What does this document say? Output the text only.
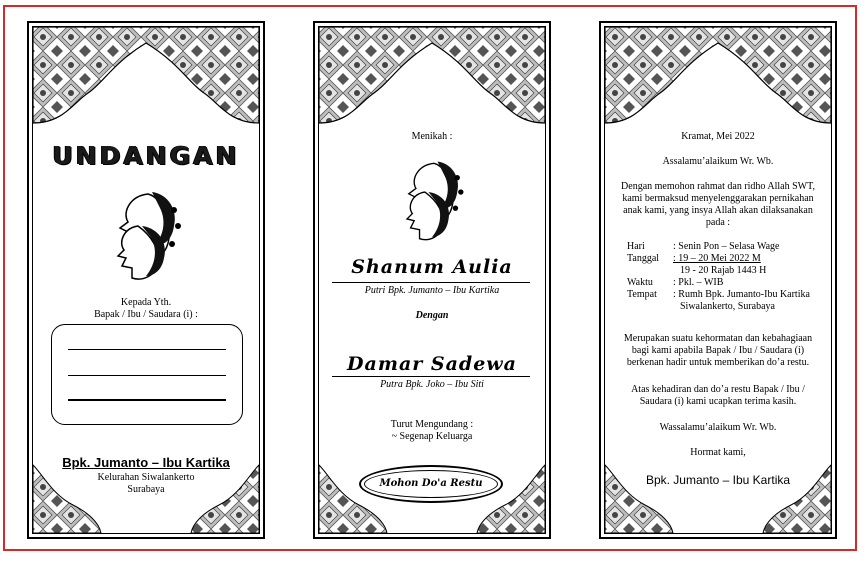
UNDANGAN
Kepada Yth.
Bapak / Ibu / Saudara (i) :
Bpk. Jumanto – Ibu Kartika
Kelurahan Siwalankerto
Surabaya
Menikah :
Shanum Aulia
Putri Bpk. Jumanto – Ibu Kartika
Dengan
Damar Sadewa
Putra Bpk. Joko – Ibu Siti
Turut Mengundang :
~ Segenap Keluarga
Mohon Do'a Restu
Kramat, Mei 2022
Assalamu’alaikum Wr. Wb.
Dengan memohon rahmat dan ridho Allah SWT,
kami bermaksud menyelenggarakan pernikahan
anak kami, yang insya Allah akan dilaksanakan
pada :
Hari	: Senin Pon – Selasa Wage
Tanggal : 19 – 20 Mei 2022 M
19 - 20 Rajab 1443 H
Waktu : Pkl. – WIB
Tempat : Rumh Bpk. Jumanto-Ibu Kartika
Siwalankerto, Surabaya
Merupakan suatu kehormatan dan kebahagiaan
bagi kami apabila Bapak / Ibu / Saudara (i)
berkenan hadir untuk memberikan do’a restu.
Atas kehadiran dan do’a restu Bapak / Ibu /
Saudara (i) kami ucapkan terima kasih.
Wassalamu’alaikum Wr. Wb.
Hormat kami,
Bpk. Jumanto – Ibu Kartika
